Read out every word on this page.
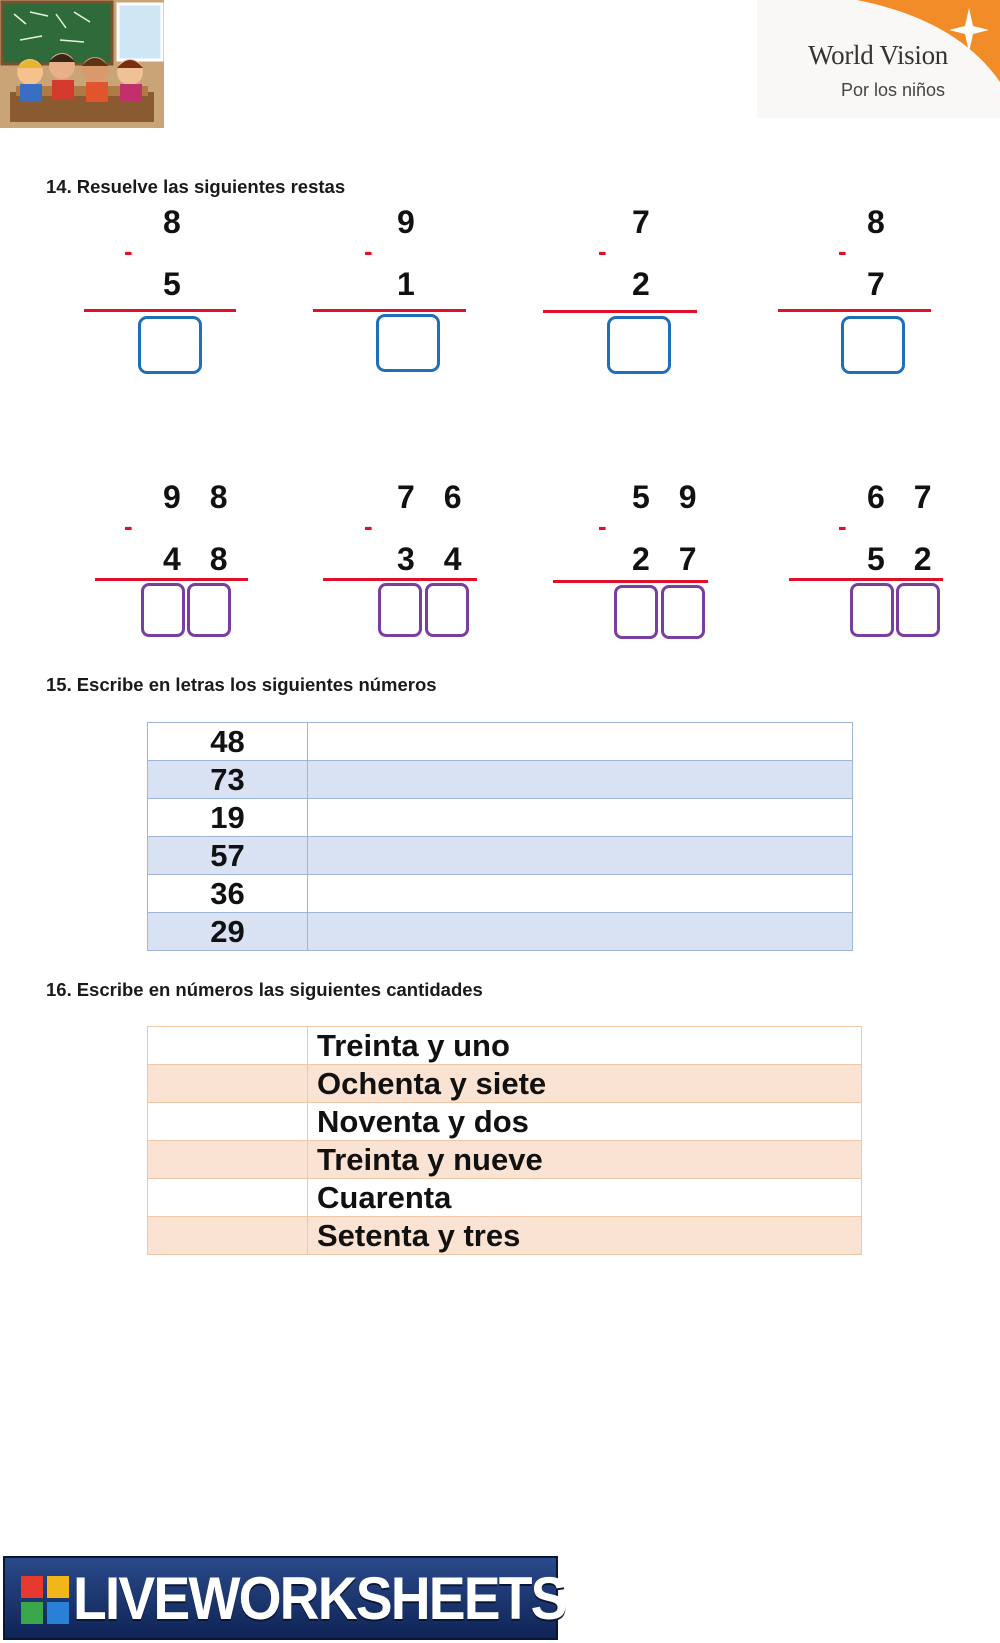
World Vision
Por los niños
14. Resuelve las siguientes restas
8
-
5
9
-
1
7
-
2
8
-
7
9 8
-
4 8
7 6
-
3 4
5 9
-
2 7
6 7
-
5 2
15. Escribe en letras los siguientes números
48	
73	
19	
57	
36	
29	
16. Escribe en números las siguientes cantidades
	Treinta y uno
	Ochenta y siete
	Noventa y dos
	Treinta y nueve
	Cuarenta
	Setenta y tres
LIVEWORKSHEETS
